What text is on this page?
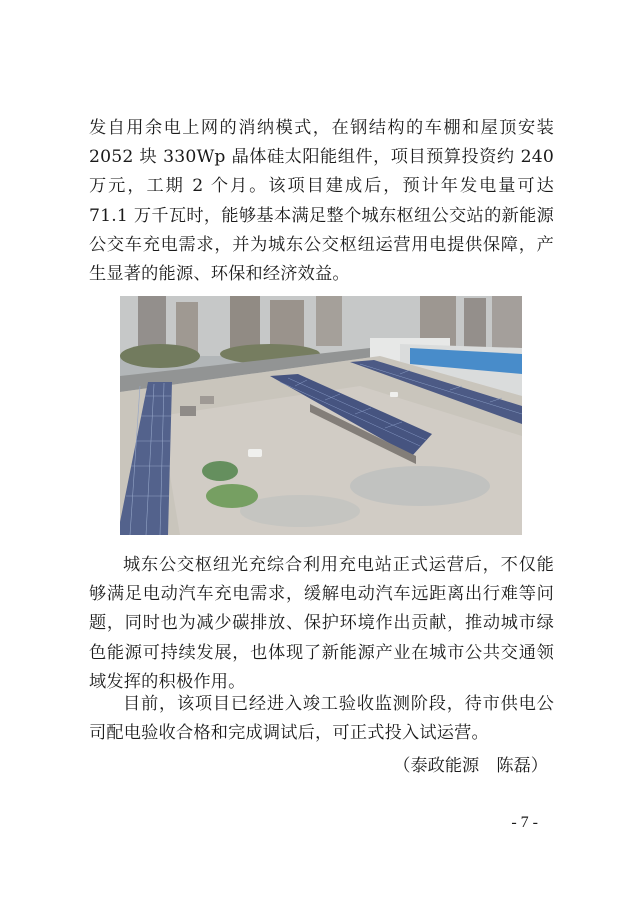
发自用余电上网的消纳模式，在钢结构的车棚和屋顶安装 2052 块 330Wp 晶体硅太阳能组件，项目预算投资约 240 万元，工期 2 个月。该项目建成后，预计年发电量可达 71.1 万千瓦时，能够基本满足整个城东枢纽公交站的新能源公交车充电需求，并为城东公交枢纽运营用电提供保障，产生显著的能源、环保和经济效益。

城东公交枢纽光充综合利用充电站正式运营后，不仅能够满足电动汽车充电需求，缓解电动汽车远距离出行难等问题，同时也为减少碳排放、保护环境作出贡献，推动城市绿色能源可持续发展，也体现了新能源产业在城市公共交通领域发挥的积极作用。

目前，该项目已经进入竣工验收监测阶段，待市供电公司配电验收合格和完成调试后，可正式投入试运营。

（泰政能源　陈磊）
- 7 -
